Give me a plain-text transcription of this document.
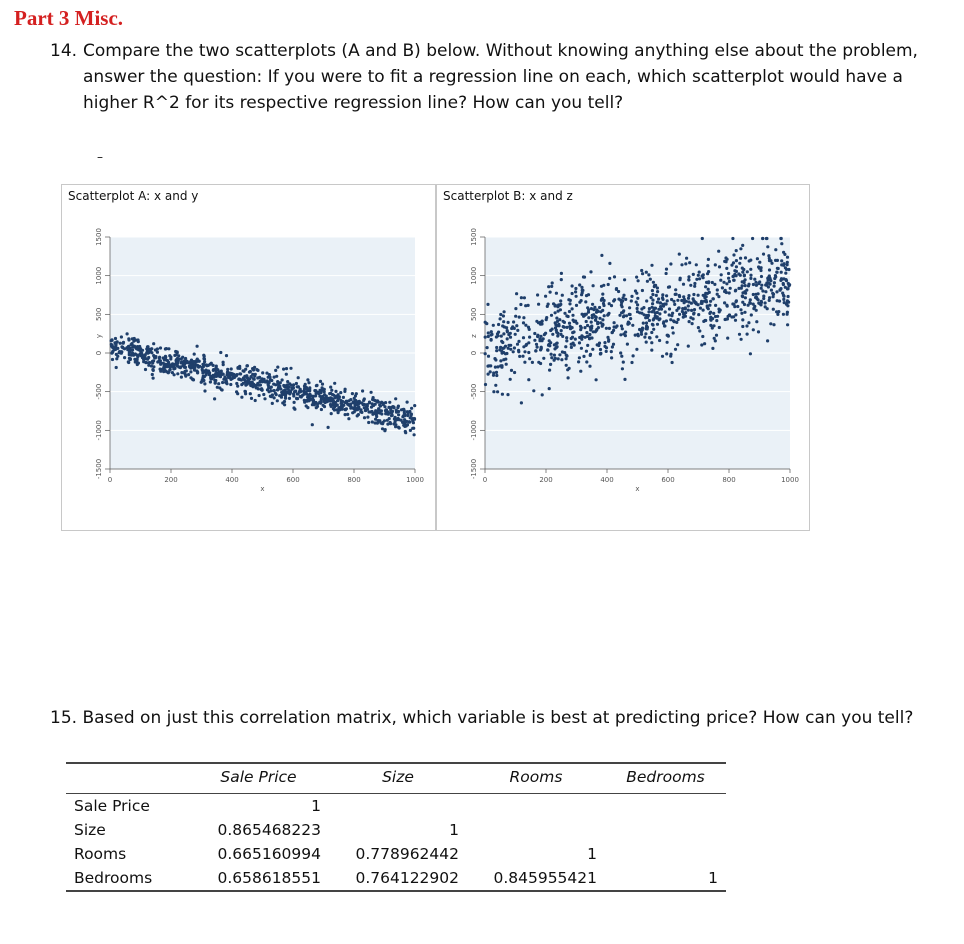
Part 3 Misc.
14. Compare the two scatterplots (A and B) below. Without knowing anything else about the problem, answer the question: If you were to fit a regression line on each, which scatterplot would have a higher R^2 for its respective regression line? How can you tell?
–
Scatterplot A: x and y
-1500
-1000
-500
0
500
1000
1500
0	200	400	600	800	1000
x
y
Scatterplot B: x and z
-1500
-1000
-500
0
500
1000
1500
0	200	400	600	800	1000
x
z
15. Based on just this correlation matrix, which variable is best at predicting price? How can you tell?
	Sale Price	Size	Rooms	Bedrooms
Sale Price	1			
Size	0.865468223	1		
Rooms	0.665160994	0.778962442	1	
Bedrooms	0.658618551	0.764122902	0.845955421	1
